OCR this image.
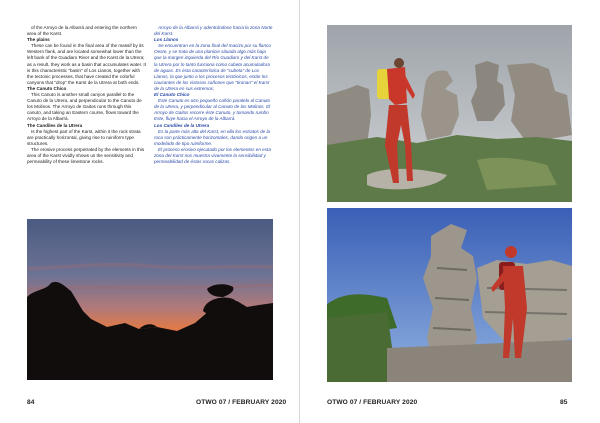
of the Arroyo de la Albarrá and entering the northern area of the Karst.

The plains

These can be found in the final area of the massif by its Western flank, and are located somewhat lower than the left bank of the Guadiaro River and the Karst de la Utrera; as a result, they work as a basin that accumulates water. It is this characteristic "basin" of Los Llanos, together with the tectonic processes, that have created the colorful canyons that "drop" the Karst de la Utrera at both ends.

The Canuto Chico

This Canuto is another small canyon parallel to the Canuto de la Utrera, and perpendicular to the Canuto de los Molinos. The Arroyo de Gaitos runs through this canuto, and taking an Eastern course, flows toward the Arroyo de la Albarrá.

The Candiles de la Utrera

Is the highest part of the Karst, within it the rock strata are practically horizontal, giving rise to ruiniform type structures.

The erosive process perpetrated by the elements in this area of the Karst vividly shows us the sensitivity and permeability of these limestone rocks.

Arroyo de la Albarrá y adentrándose hacia la zona Norte del Karst.

Los Llanos

Se encuentran en la zona final del macizo por su flanco Oeste, y se trata de una planicie situada algo más baja que la margen izquierda del Río Guadiaro y del Karst de la Utrera por lo tanto funciona como cubeta acumuladora de aguas. Es ésta característica de "cubeta" de Los Llanos, la que junto a los procesos tectónicos, están los causantes de los vistosos cañones que "tiranan" el Karst de la Utrera en sus extremos.

El Canuto Chico

Este Canuto es otro pequeño cañón paralelo al Canuto de la Utrera, y perpendicular al Canuto de los Molinos. El Arroyo de Gaitos recorre éste Canuto, y tomando rumbo Este, fluye hacia el Arroyo de la Albarrá.

Los Candiles de la Utrera

Es la parte más alta del Karst, en ella los estratos de la roca son prácticamente horizontales, dando origen a un modelado de tipo ruiniforme.

El proceso erosivo ejecutado por los elementos en esta zona del Karst nos muestra vivamente la sensibilidad y permeabilidad de éstas rocas calizas.

84	OTWO 07 / FEBRUARY 2020	OTWO 07 / FEBRUARY 2020	85
